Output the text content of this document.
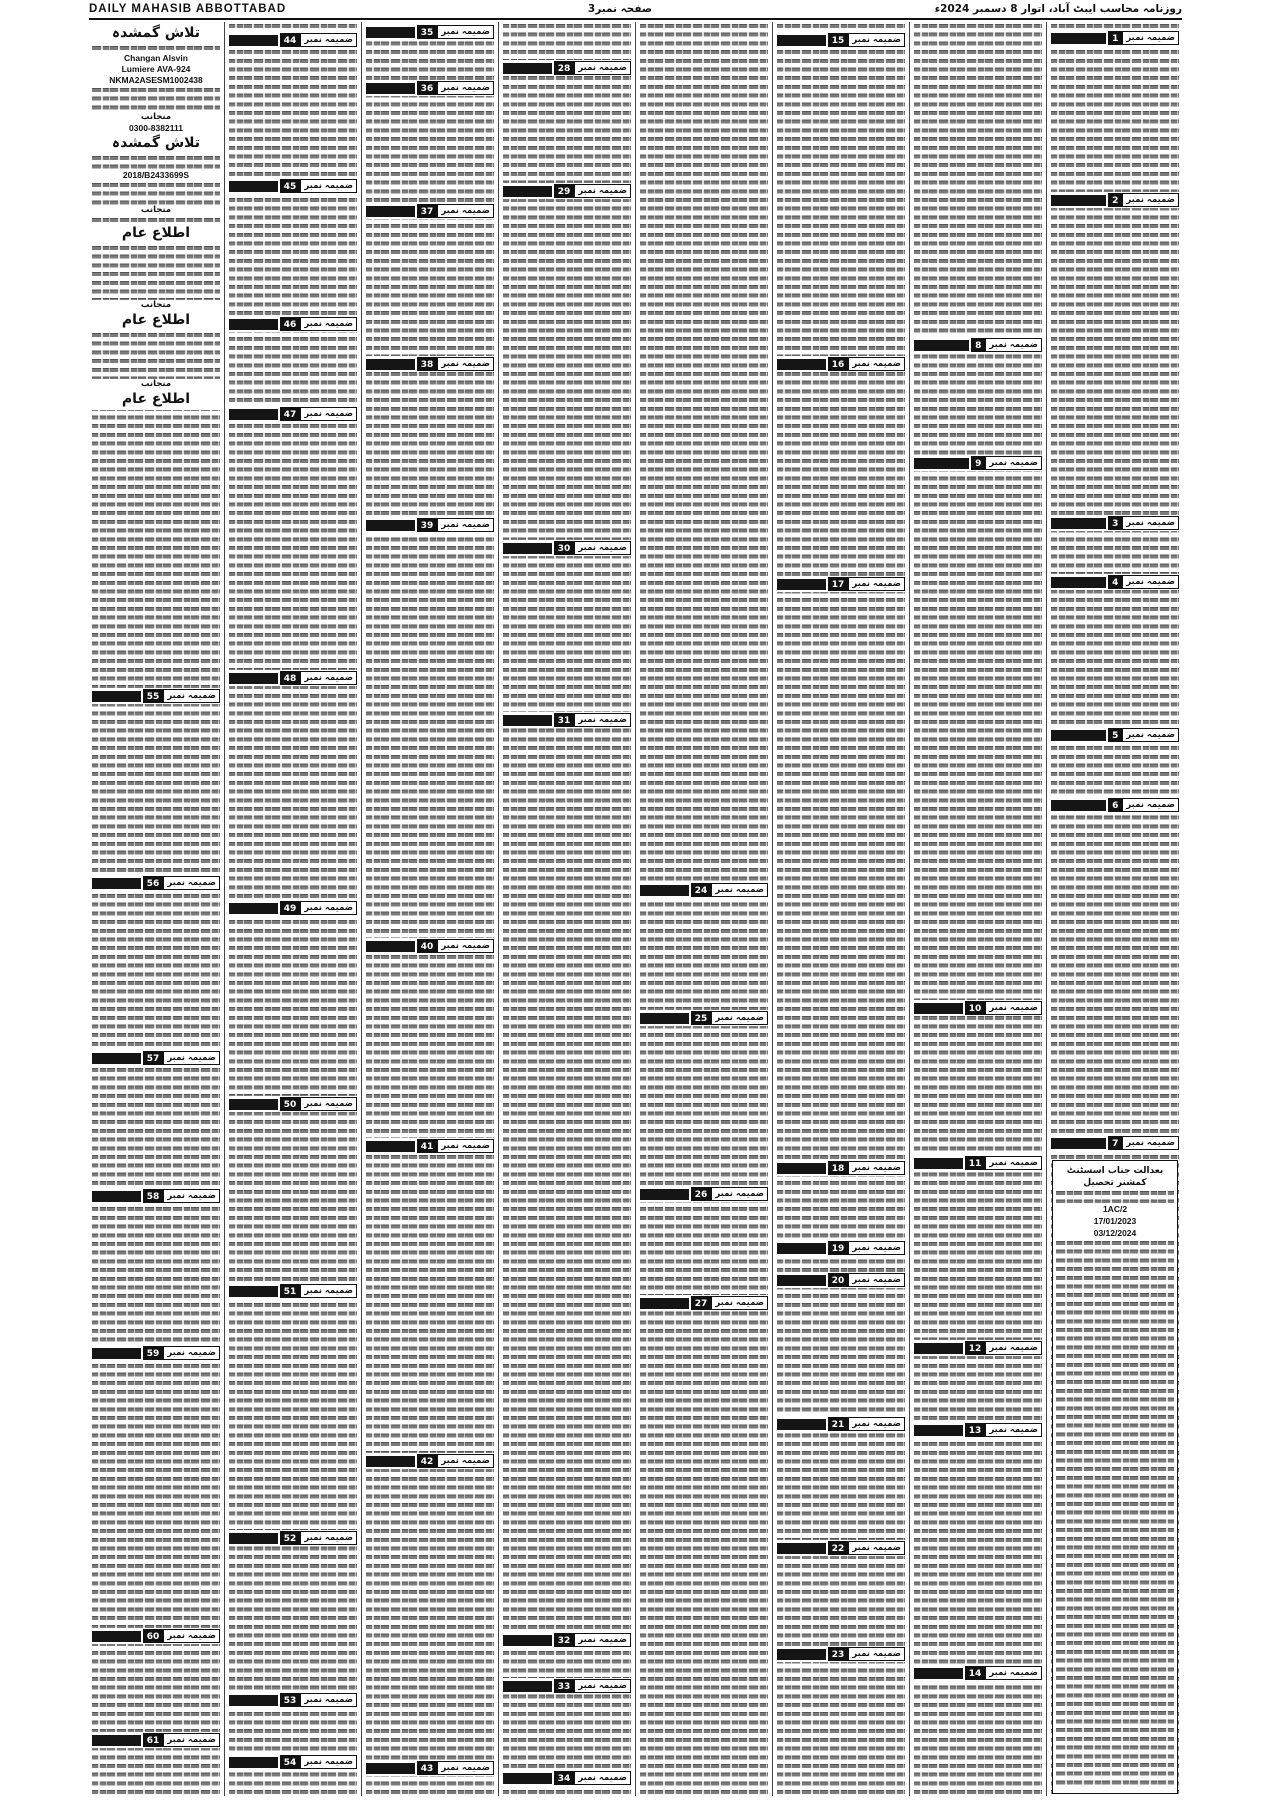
DAILY MAHASIB ABBOTTABAD	صفحہ نمبر3	روزنامہ محاسب ایبٹ آباد، اتوار 8 دسمبر 2024ء
ضمیمہ نمبر
1
ضمیمہ نمبر
2
ضمیمہ نمبر
3
ضمیمہ نمبر
4
ضمیمہ نمبر
5
ضمیمہ نمبر
6
ضمیمہ نمبر
7
بعدالت جناب اسسٹنٹ کمشنر تحصیل
1AC/2
17/01/2023
03/12/2024
ضمیمہ نمبر
8
ضمیمہ نمبر
9
ضمیمہ نمبر
10
ضمیمہ نمبر
11
ضمیمہ نمبر
12
ضمیمہ نمبر
13
ضمیمہ نمبر
14
ضمیمہ نمبر
15
ضمیمہ نمبر
16
ضمیمہ نمبر
17
ضمیمہ نمبر
18
ضمیمہ نمبر
19
ضمیمہ نمبر
20
ضمیمہ نمبر
21
ضمیمہ نمبر
22
ضمیمہ نمبر
23
ضمیمہ نمبر
24
ضمیمہ نمبر
25
ضمیمہ نمبر
26
ضمیمہ نمبر
27
ضمیمہ نمبر
28
ضمیمہ نمبر
29
ضمیمہ نمبر
30
ضمیمہ نمبر
31
ضمیمہ نمبر
32
ضمیمہ نمبر
33
ضمیمہ نمبر
34
ضمیمہ نمبر
35
ضمیمہ نمبر
36
ضمیمہ نمبر
37
ضمیمہ نمبر
38
ضمیمہ نمبر
39
ضمیمہ نمبر
40
ضمیمہ نمبر
41
ضمیمہ نمبر
42
ضمیمہ نمبر
43
ضمیمہ نمبر
44
ضمیمہ نمبر
45
ضمیمہ نمبر
46
ضمیمہ نمبر
47
ضمیمہ نمبر
48
ضمیمہ نمبر
49
ضمیمہ نمبر
50
ضمیمہ نمبر
51
ضمیمہ نمبر
52
ضمیمہ نمبر
53
ضمیمہ نمبر
54
تلاش گمشدہ
Changan Alsvin
Lumiere AVA-924
NKMA2ASESM1002438
منجانب
0300-8382111
تلاش گمشدہ
2018/B2433699S
منجانب
اطلاع عام
منجانب
اطلاع عام
منجانب
اطلاع عام
ضمیمہ نمبر
55
ضمیمہ نمبر
56
ضمیمہ نمبر
57
ضمیمہ نمبر
58
ضمیمہ نمبر
59
ضمیمہ نمبر
60
ضمیمہ نمبر
61
